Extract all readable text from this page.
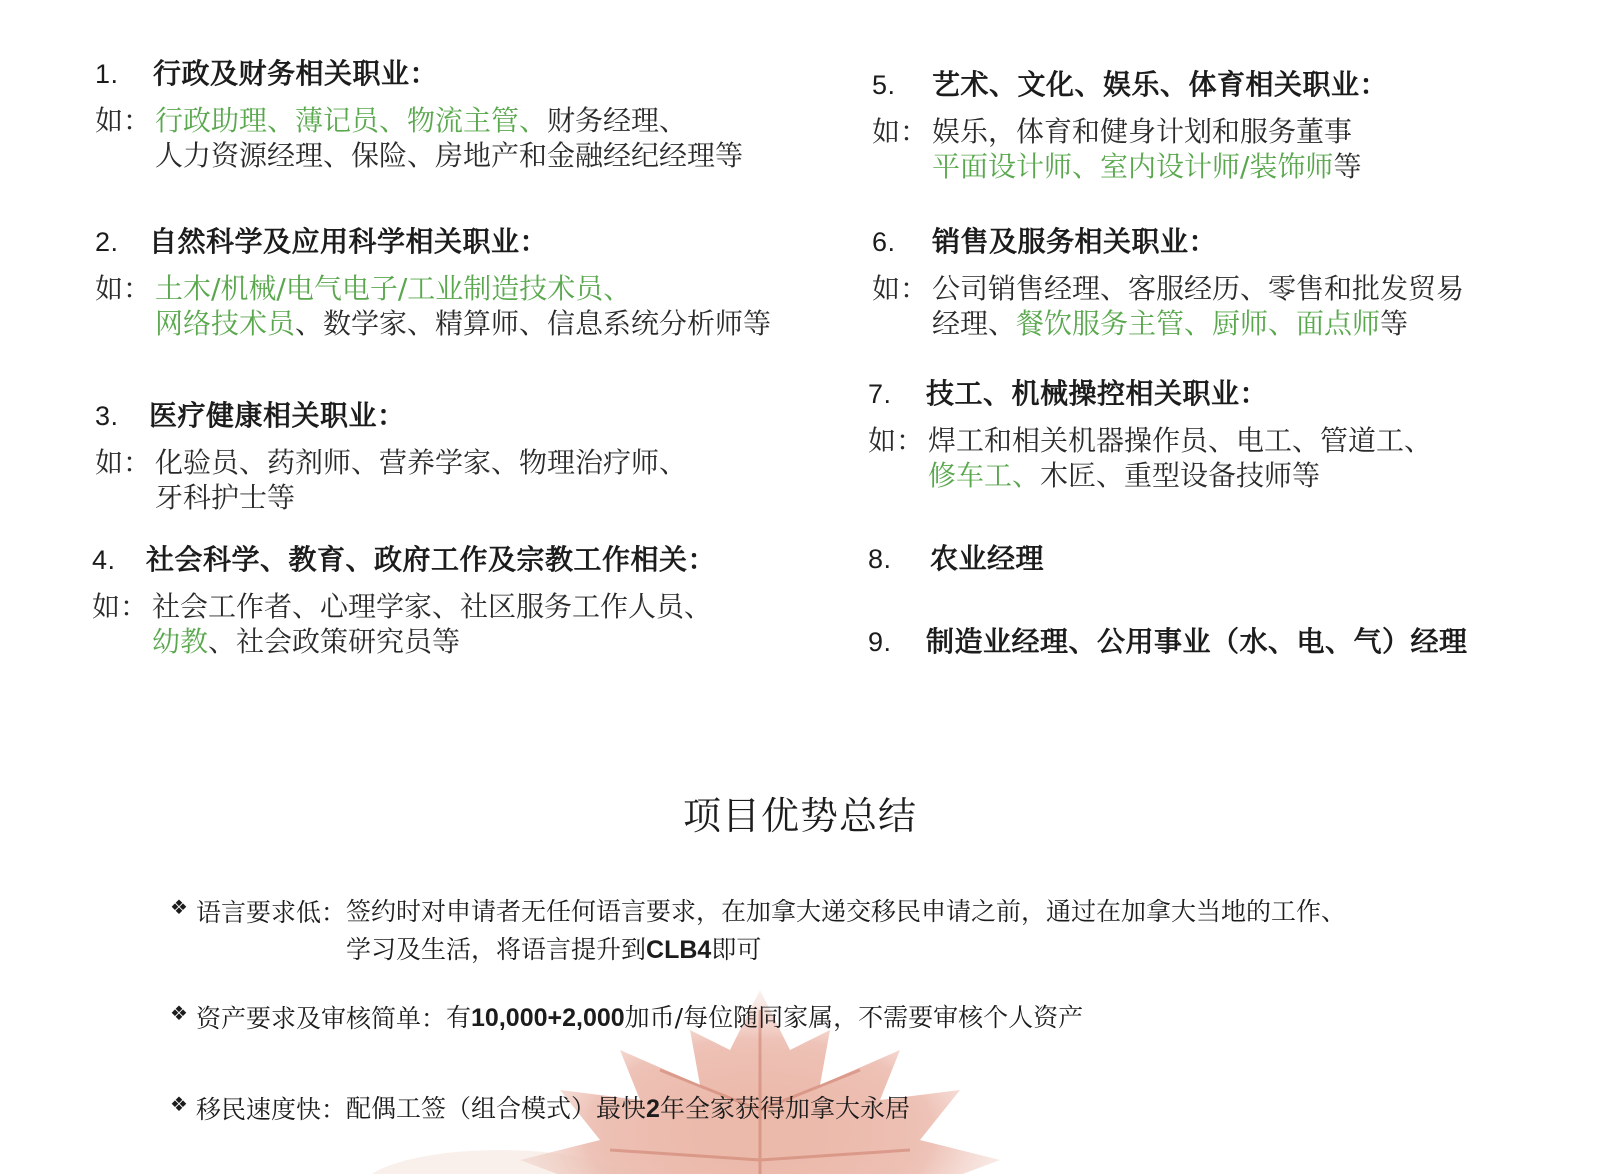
1.	行政及财务相关职业：
如： 行政助理、薄记员、物流主管、财务经理、
人力资源经理、保险、房地产和金融经纪经理等
2.	自然科学及应用科学相关职业：
如： 土木/机械/电气电子/工业制造技术员、
网络技术员、数学家、精算师、信息系统分析师等
3.	医疗健康相关职业：
如： 化验员、药剂师、营养学家、物理治疗师、
牙科护士等
4.	社会科学、教育、政府工作及宗教工作相关：
如： 社会工作者、心理学家、社区服务工作人员、
幼教、社会政策研究员等
5.	艺术、文化、娱乐、体育相关职业：
如： 娱乐，体育和健身计划和服务董事
平面设计师、室内设计师/装饰师等
6.	销售及服务相关职业：
如： 公司销售经理、客服经历、零售和批发贸易
经理、餐饮服务主管、厨师、面点师等
7.	技工、机械操控相关职业：
如： 焊工和相关机器操作员、电工、管道工、
修车工、木匠、重型设备技师等
8.	农业经理
9.	制造业经理、公用事业（水、电、气）经理
项目优势总结
❖ 语言要求低： 签约时对申请者无任何语言要求，在加拿大递交移民申请之前，通过在加拿大当地的工作、
学习及生活，将语言提升到CLB4即可
❖ 资产要求及审核简单： 有10,000+2,000加币/每位随同家属，不需要审核个人资产
❖ 移民速度快： 配偶工签（组合模式）最快2年全家获得加拿大永居
